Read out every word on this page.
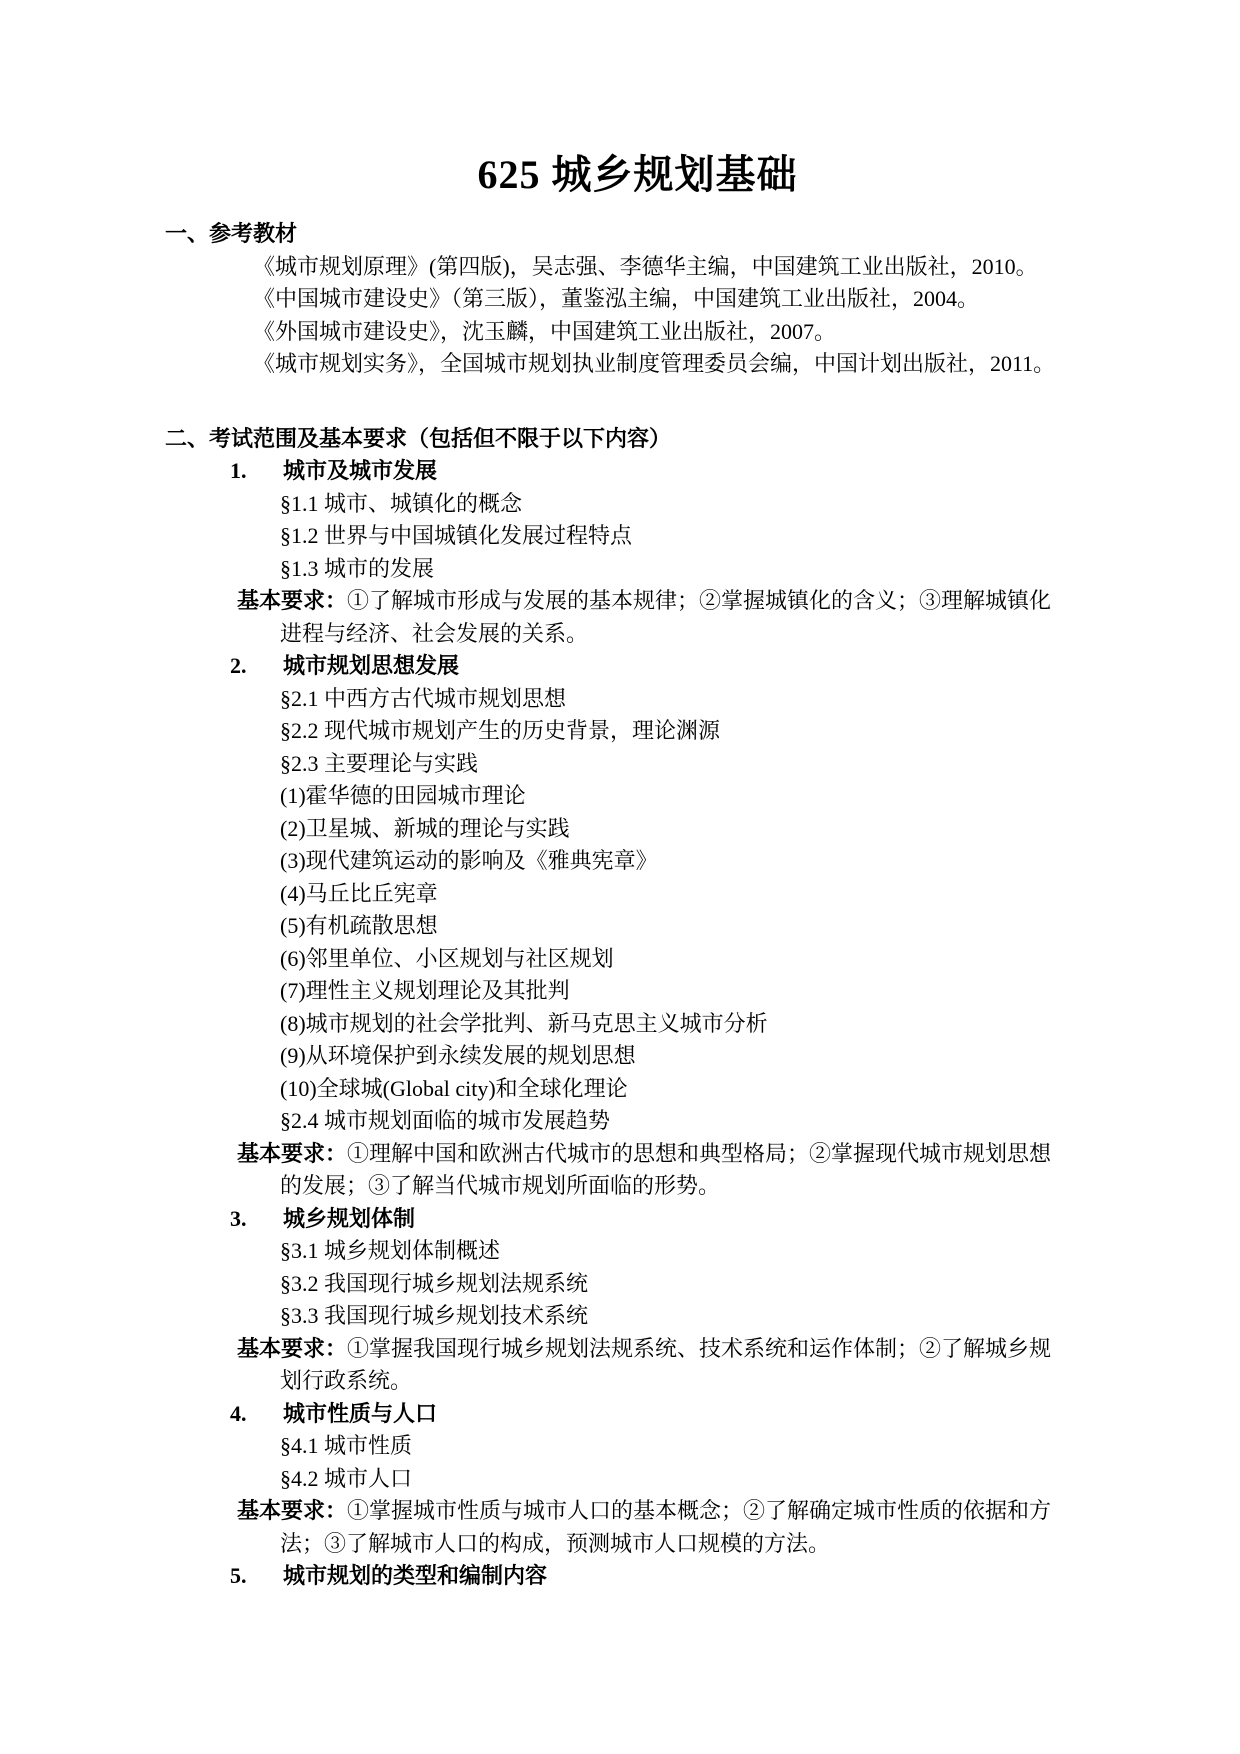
625 城乡规划基础
一、参考教材
《城市规划原理》(第四版)，吴志强、李德华主编，中国建筑工业出版社，2010。
《中国城市建设史》（第三版），董鉴泓主编，中国建筑工业出版社，2004。
《外国城市建设史》，沈玉麟，中国建筑工业出版社，2007。
《城市规划实务》，全国城市规划执业制度管理委员会编，中国计划出版社，2011。
二、考试范围及基本要求（包括但不限于以下内容）
1. 城市及城市发展
§1.1 城市、城镇化的概念
§1.2 世界与中国城镇化发展过程特点
§1.3 城市的发展
基本要求：①了解城市形成与发展的基本规律；②掌握城镇化的含义；③理解城镇化
进程与经济、社会发展的关系。
2. 城市规划思想发展
§2.1 中西方古代城市规划思想
§2.2 现代城市规划产生的历史背景，理论渊源
§2.3 主要理论与实践
(1)霍华德的田园城市理论
(2)卫星城、新城的理论与实践
(3)现代建筑运动的影响及《雅典宪章》
(4)马丘比丘宪章
(5)有机疏散思想
(6)邻里单位、小区规划与社区规划
(7)理性主义规划理论及其批判
(8)城市规划的社会学批判、新马克思主义城市分析
(9)从环境保护到永续发展的规划思想
(10)全球城(Global city)和全球化理论
§2.4 城市规划面临的城市发展趋势
基本要求：①理解中国和欧洲古代城市的思想和典型格局；②掌握现代城市规划思想
的发展；③了解当代城市规划所面临的形势。
3. 城乡规划体制
§3.1 城乡规划体制概述
§3.2 我国现行城乡规划法规系统
§3.3 我国现行城乡规划技术系统
基本要求：①掌握我国现行城乡规划法规系统、技术系统和运作体制；②了解城乡规
划行政系统。
4. 城市性质与人口
§4.1 城市性质
§4.2 城市人口
基本要求：①掌握城市性质与城市人口的基本概念；②了解确定城市性质的依据和方
法；③了解城市人口的构成，预测城市人口规模的方法。
5. 城市规划的类型和编制内容
